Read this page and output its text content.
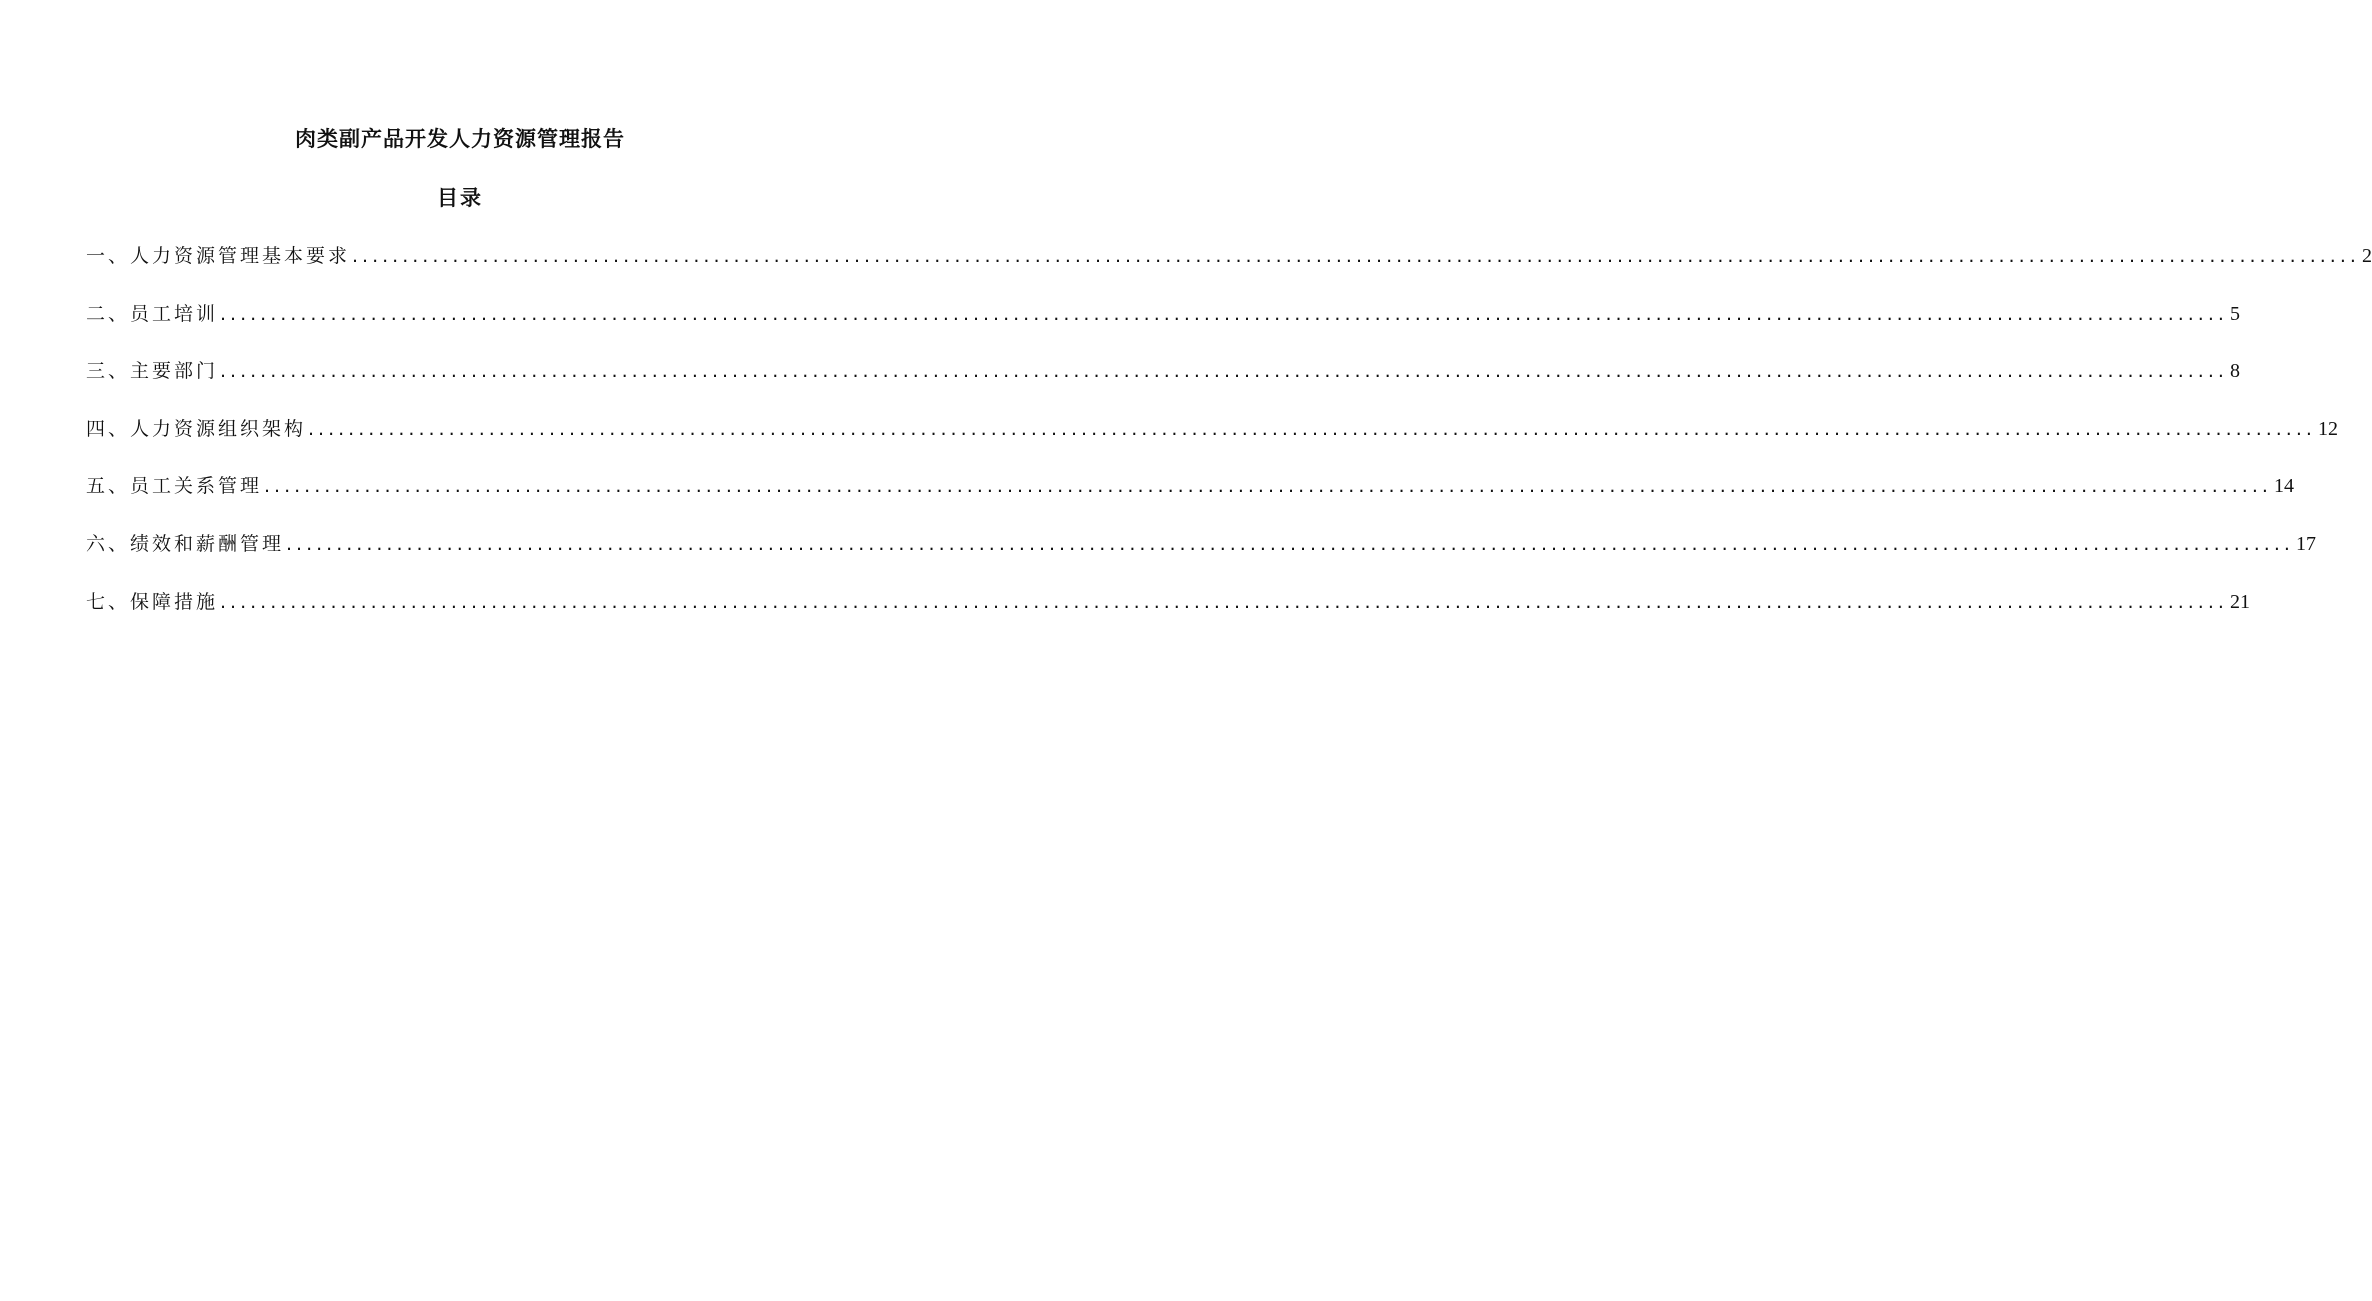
肉类副产品开发人力资源管理报告
目录
一、人力资源管理基本要求 ........................................................................................................................................................................................................ 2
二、员工培训 ........................................................................................................................................................................................................ 5
三、主要部门 ........................................................................................................................................................................................................ 8
四、人力资源组织架构 ........................................................................................................................................................................................................ 12
五、员工关系管理 ........................................................................................................................................................................................................ 14
六、绩效和薪酬管理 ........................................................................................................................................................................................................ 17
七、保障措施 ........................................................................................................................................................................................................ 21
